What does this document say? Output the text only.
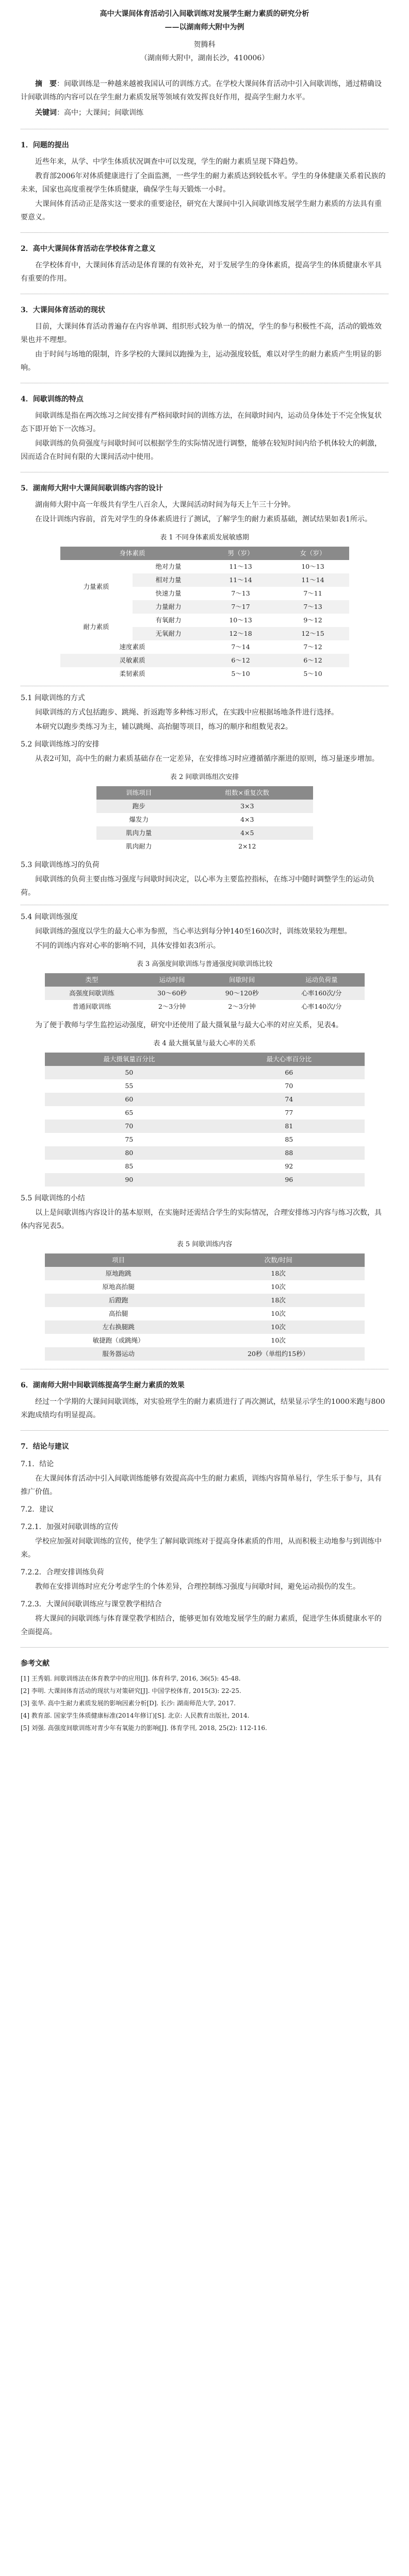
高中大课间体育活动引入间歇训练对发展学生耐力素质的研究分析
——以湖南师大附中为例
贺腾科
（湖南师大附中，湖南长沙，410006）
摘　要：间歇训练是一种越来越被我国认可的训练方式。在学校大课间体育活动中引入间歇训练，通过精确设计间歇训练的内容可以在学生耐力素质发展等领域有效发挥良好作用，提高学生耐力水平。
关键词：高中；大课间；间歇训练
1．问题的提出

近些年来，从学、中学生体质状况调查中可以发现，学生的耐力素质呈现下降趋势。

教育部2006年对体质健康进行了全面监测，一些学生的耐力素质达到较低水平。学生的身体健康关系着民族的未来，国家也高度重视学生体质健康，确保学生每天锻炼一小时。

大课间体育活动正是落实这一要求的重要途径，研究在大课间中引入间歇训练发展学生耐力素质的方法具有重要意义。

2．高中大课间体育活动在学校体育之意义

在学校体育中，大课间体育活动是体育课的有效补充，对于发展学生的身体素质，提高学生的体质健康水平具有重要的作用。

3．大课间体育活动的现状

目前，大课间体育活动普遍存在内容单调、组织形式较为单一的情况，学生的参与积极性不高，活动的锻炼效果也并不理想。

由于时间与场地的限制，许多学校的大课间以跑操为主，运动强度较低，难以对学生的耐力素质产生明显的影响。

4．间歇训练的特点

间歇训练是指在两次练习之间安排有严格间歇时间的训练方法，在间歇时间内，运动员身体处于不完全恢复状态下即开始下一次练习。

间歇训练的负荷强度与间歇时间可以根据学生的实际情况进行调整，能够在较短时间内给予机体较大的刺激，因而适合在时间有限的大课间活动中使用。

5．湖南师大附中大课间间歇训练内容的设计

湖南师大附中高一年级共有学生八百余人，大课间活动时间为每天上午三十分钟。

在设计训练内容前，首先对学生的身体素质进行了测试，了解学生的耐力素质基础，测试结果如表1所示。

表 1 不同身体素质发展敏感期
身体素质		男（岁）	女（岁）
力量素质	绝对力量	11～13	10～13
	相对力量	11～14	11～14
	快速力量	7～13	7～11
	力量耐力	7～17	7～13
耐力素质	有氧耐力	10～13	9～12
	无氧耐力	12～18	12～15
速度素质		7～14	7～12
灵敏素质		6～12	6～12
柔韧素质		5～10	5～10
5.1 间歇训练的方式

间歇训练的方式包括跑步、跳绳、折返跑等多种练习形式，在实践中应根据场地条件进行选择。

本研究以跑步类练习为主，辅以跳绳、高抬腿等项目，练习的顺序和组数见表2。

5.2 间歇训练练习的安排

从表2可知，高中生的耐力素质基础存在一定差异，在安排练习时应遵循循序渐进的原则，练习量逐步增加。

表 2 间歇训练组次安排
训练项目	组数×重复次数
跑步	3×3
爆发力	4×3
肌肉力量	4×5
肌肉耐力	2×12
5.3 间歇训练练习的负荷

间歇训练的负荷主要由练习强度与间歇时间决定，以心率为主要监控指标，在练习中随时调整学生的运动负荷。

5.4 间歇训练强度

间歇训练的强度以学生的最大心率为参照，当心率达到每分钟140至160次时，训练效果较为理想。

不同的训练内容对心率的影响不同，具体安排如表3所示。

表 3 高强度间歇训练与普通强度间歇训练比较
类型	运动时间	间歇时间	运动负荷量
高强度间歇训练	30～60秒	90～120秒	心率160次/分
普通间歇训练	2～3分钟	2～3分钟	心率140次/分

为了便于教师与学生监控运动强度，研究中还使用了最大摄氧量与最大心率的对应关系，见表4。

表 4 最大摄氧量与最大心率的关系
最大摄氧量百分比	最大心率百分比
50	66
55	70
60	74
65	77
70	81
75	85
80	88
85	92
90	96
5.5 间歇训练的小结

以上是间歇训练内容设计的基本原则，在实施时还需结合学生的实际情况，合理安排练习内容与练习次数，具体内容见表5。

表 5 间歇训练内容
项目	次数/时间
原地跑跳	18次
原地高抬腿	10次
后蹬跑	18次
高抬腿	10次
左右换腿跳	10次
敏捷跑（或跳绳）	10次
服务器运动	20秒（单组约15秒）
6．湖南师大附中间歇训练提高学生耐力素质的效果

经过一个学期的大课间间歇训练，对实验班学生的耐力素质进行了再次测试，结果显示学生的1000米跑与800米跑成绩均有明显提高。

7．结论与建议
7.1．结论

在大课间体育活动中引入间歇训练能够有效提高高中生的耐力素质，训练内容简单易行，学生乐于参与，具有推广价值。

7.2．建议
7.2.1．加强对间歇训练的宣传

学校应加强对间歇训练的宣传，使学生了解间歇训练对于提高身体素质的作用，从而积极主动地参与到训练中来。

7.2.2．合理安排训练负荷

教师在安排训练时应充分考虑学生的个体差异，合理控制练习强度与间歇时间，避免运动损伤的发生。

7.2.3．大课间间歇训练应与课堂教学相结合

将大课间的间歇训练与体育课堂教学相结合，能够更加有效地发展学生的耐力素质，促进学生体质健康水平的全面提高。

参考文献
[1] 王秀娟. 间歇训练法在体育教学中的应用[J]. 体育科学, 2016, 36(5): 45-48.
[2] 李明. 大课间体育活动的现状与对策研究[J]. 中国学校体育, 2015(3): 22-25.
[3] 张华. 高中生耐力素质发展的影响因素分析[D]. 长沙: 湖南师范大学, 2017.
[4] 教育部. 国家学生体质健康标准(2014年修订)[S]. 北京: 人民教育出版社, 2014.
[5] 刘强. 高强度间歇训练对青少年有氧能力的影响[J]. 体育学刊, 2018, 25(2): 112-116.
